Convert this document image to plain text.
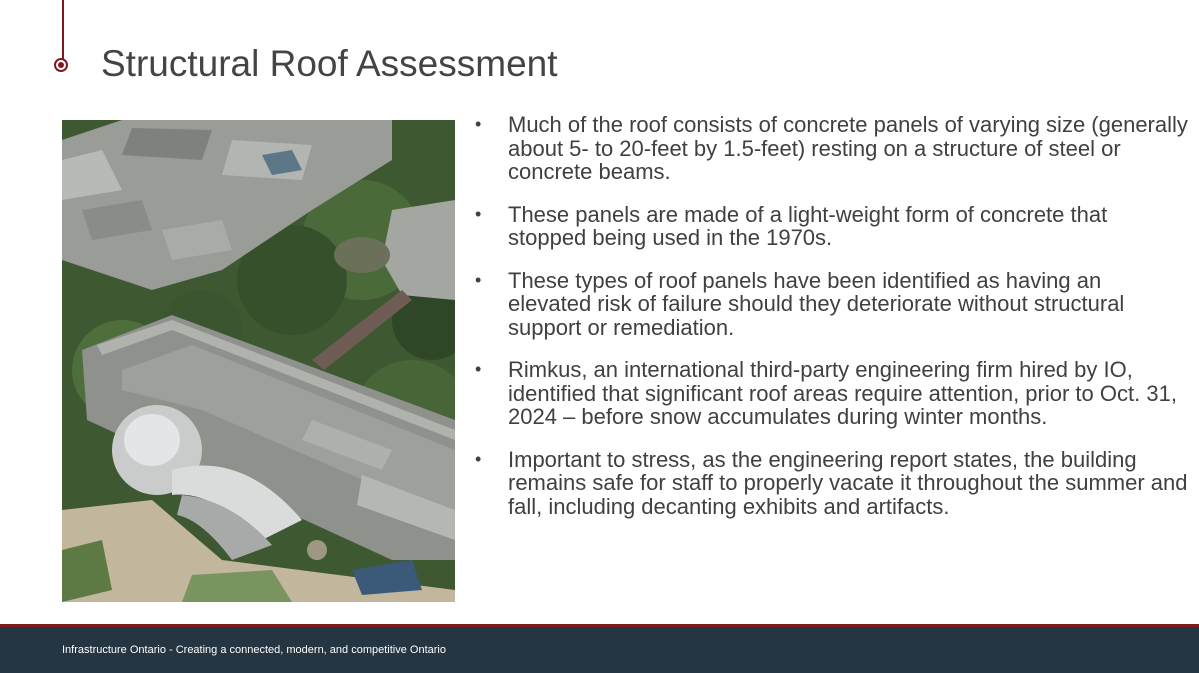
Structural Roof Assessment
• Much of the roof consists of concrete panels of varying size (generally about 5- to 20-feet by 1.5-feet) resting on a structure of steel or concrete beams.
• These panels are made of a light-weight form of concrete that stopped being used in the 1970s.
• These types of roof panels have been identified as having an elevated risk of failure should they deteriorate without structural support or remediation.
• Rimkus, an international third-party engineering firm hired by IO, identified that significant roof areas require attention, prior to Oct. 31, 2024 – before snow accumulates during winter months.
• Important to stress, as the engineering report states, the building remains safe for staff to properly vacate it throughout the summer and fall, including decanting exhibits and artifacts.
Infrastructure Ontario - Creating a connected, modern, and competitive Ontario
